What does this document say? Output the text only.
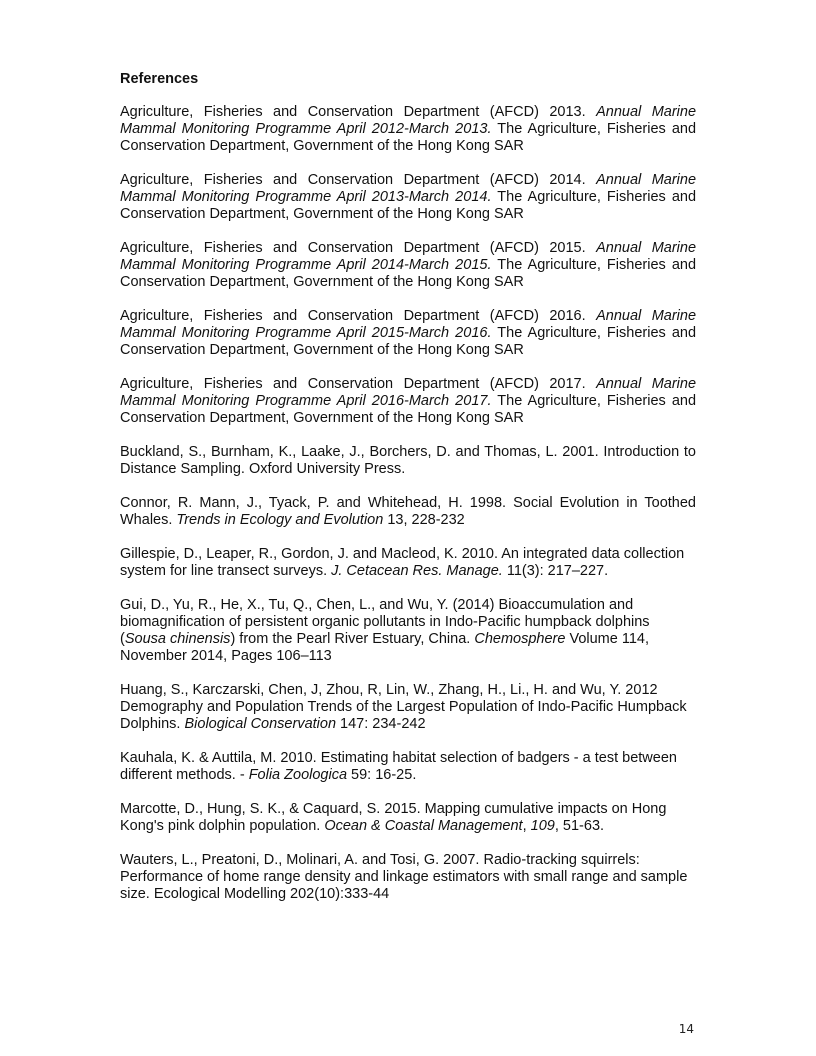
References
Agriculture, Fisheries and Conservation Department (AFCD) 2013. Annual Marine Mammal Monitoring Programme April 2012-March 2013. The Agriculture, Fisheries and Conservation Department, Government of the Hong Kong SAR
Agriculture, Fisheries and Conservation Department (AFCD) 2014. Annual Marine Mammal Monitoring Programme April 2013-March 2014. The Agriculture, Fisheries and Conservation Department, Government of the Hong Kong SAR
Agriculture, Fisheries and Conservation Department (AFCD) 2015. Annual Marine Mammal Monitoring Programme April 2014-March 2015. The Agriculture, Fisheries and Conservation Department, Government of the Hong Kong SAR
Agriculture, Fisheries and Conservation Department (AFCD) 2016. Annual Marine Mammal Monitoring Programme April 2015-March 2016. The Agriculture, Fisheries and Conservation Department, Government of the Hong Kong SAR
Agriculture, Fisheries and Conservation Department (AFCD) 2017. Annual Marine Mammal Monitoring Programme April 2016-March 2017. The Agriculture, Fisheries and Conservation Department, Government of the Hong Kong SAR
Buckland, S., Burnham, K., Laake, J., Borchers, D. and Thomas, L. 2001. Introduction to Distance Sampling. Oxford University Press.
Connor, R. Mann, J., Tyack, P. and Whitehead, H. 1998. Social Evolution in Toothed Whales. Trends in Ecology and Evolution 13, 228-232
Gillespie, D., Leaper, R., Gordon, J. and Macleod, K. 2010. An integrated data collection system for line transect surveys. J. Cetacean Res. Manage. 11(3): 217–227.
Gui, D., Yu, R., He, X., Tu, Q., Chen, L., and Wu, Y. (2014) Bioaccumulation and biomagnification of persistent organic pollutants in Indo-Pacific humpback dolphins (Sousa chinensis) from the Pearl River Estuary, China. Chemosphere Volume 114, November 2014, Pages 106–113
Huang, S., Karczarski, Chen, J, Zhou, R, Lin, W., Zhang, H., Li., H. and Wu, Y. 2012 Demography and Population Trends of the Largest Population of Indo-Pacific Humpback Dolphins. Biological Conservation 147: 234-242
Kauhala, K. & Auttila, M. 2010. Estimating habitat selection of badgers - a test between different methods. - Folia Zoologica 59: 16-25.
Marcotte, D., Hung, S. K., & Caquard, S. 2015. Mapping cumulative impacts on Hong Kong's pink dolphin population. Ocean & Coastal Management, 109, 51-63.
Wauters, L., Preatoni, D., Molinari, A. and Tosi, G. 2007. Radio-tracking squirrels: Performance of home range density and linkage estimators with small range and sample size. Ecological Modelling 202(10):333-44
14
